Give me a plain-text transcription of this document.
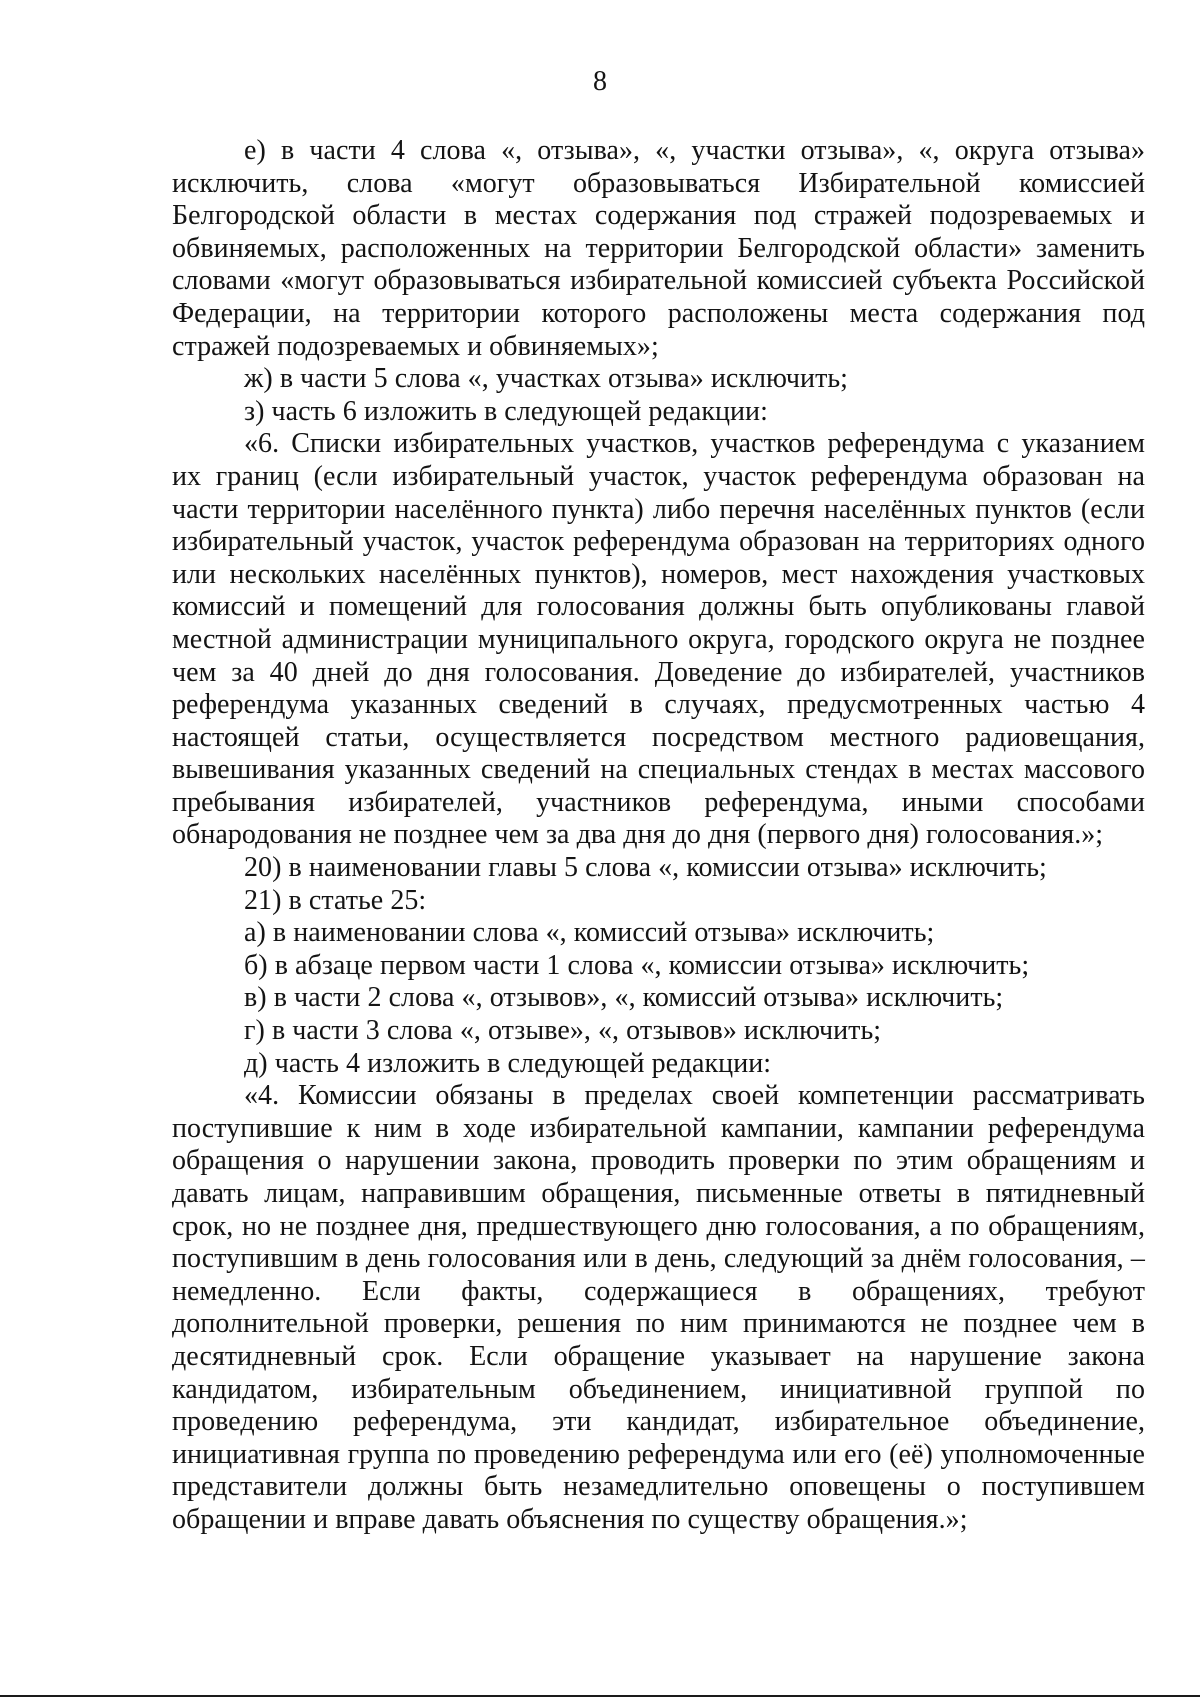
8

е) в части 4 слова «, отзыва», «, участки отзыва», «, округа отзыва» исключить, слова «могут образовываться Избирательной комиссией Белгородской области в местах содержания под стражей подозреваемых и обвиняемых, расположенных на территории Белгородской области» заменить словами «могут образовываться избирательной комиссией субъекта Российской Федерации, на территории которого расположены места содержания под стражей подозреваемых и обвиняемых»;

ж) в части 5 слова «, участках отзыва» исключить;

з) часть 6 изложить в следующей редакции:

«6. Списки избирательных участков, участков референдума с указанием их границ (если избирательный участок, участок референдума образован на части территории населённого пункта) либо перечня населённых пунктов (если избирательный участок, участок референдума образован на территориях одного или нескольких населённых пунктов), номеров, мест нахождения участковых комиссий и помещений для голосования должны быть опубликованы главой местной администрации муниципального округа, городского округа не позднее чем за 40 дней до дня голосования. Доведение до избирателей, участников референдума указанных сведений в случаях, предусмотренных частью 4 настоящей статьи, осуществляется посредством местного радиовещания, вывешивания указанных сведений на специальных стендах в местах массового пребывания избирателей, участников референдума, иными способами обнародования не позднее чем за два дня до дня (первого дня) голосования.»;

20) в наименовании главы 5 слова «, комиссии отзыва» исключить;

21) в статье 25:

а) в наименовании слова «, комиссий отзыва» исключить;

б) в абзаце первом части 1 слова «, комиссии отзыва» исключить;

в) в части 2 слова «, отзывов», «, комиссий отзыва» исключить;

г) в части 3 слова «, отзыве», «, отзывов» исключить;

д) часть 4 изложить в следующей редакции:

«4. Комиссии обязаны в пределах своей компетенции рассматривать поступившие к ним в ходе избирательной кампании, кампании референдума обращения о нарушении закона, проводить проверки по этим обращениям и давать лицам, направившим обращения, письменные ответы в пятидневный срок, но не позднее дня, предшествующего дню голосования, а по обращениям, поступившим в день голосования или в день, следующий за днём голосования, – немедленно. Если факты, содержащиеся в обращениях, требуют дополнительной проверки, решения по ним принимаются не позднее чем в десятидневный срок. Если обращение указывает на нарушение закона кандидатом, избирательным объединением, инициативной группой по проведению референдума, эти кандидат, избирательное объединение, инициативная группа по проведению референдума или его (её) уполномоченные представители должны быть незамедлительно оповещены о поступившем обращении и вправе давать объяснения по существу обращения.»;
